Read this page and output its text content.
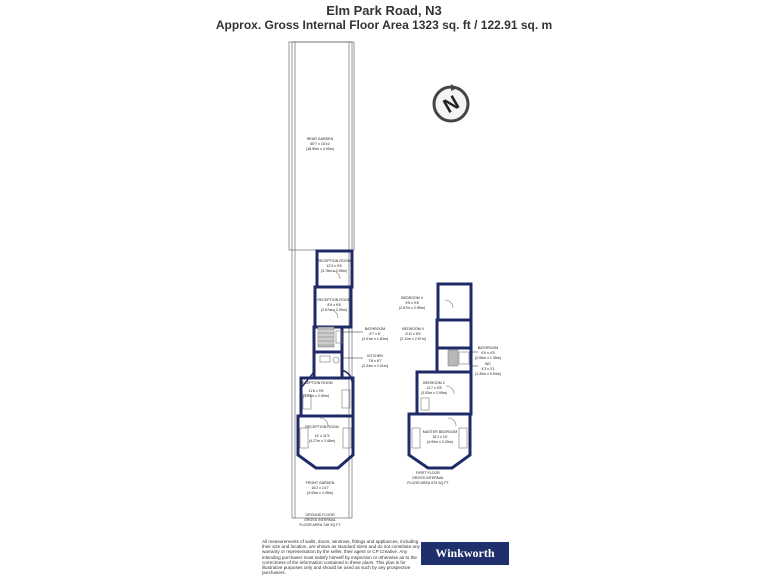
Elm Park Road, N3
Approx. Gross Internal Floor Area 1323 sq. ft / 122.91 sq. m
N
REAR GARDEN
60'7 x 16'10
(18.50m x 4.90m)
RECEPTION ROOM
12'4 x 9'8
(3.76m x 2.95m)
RECEPTION ROOM
8'9 x 9'6
(2.67m x 2.90m)
BATHROOM
6'7 x 6'
(2.01m x 1.83m)
KITCHEN
7'8 x 6'7
(2.34m x 2.01m)
RECEPTION ROOM
11'6 x 9'6
(3.51m x 2.90m)
RECEPTION ROOM
14' x 11'5
(4.27m x 3.48m)
FRONT GARDEN
16'2 x 14'7
(4.93m x 4.45m)
GROUND FLOOR
GROSS INTERNAL
FLOOR AREA 748 SQ FT
BEDROOM 4
9'5 x 9'8
(2.87m x 2.95m)
BEDROOM 4
6'11 x 8'5
(2.11m x 2.57m)
BATHROOM
6'9 x 4'5
(2.06m x 1.35m)
WC
4'3 x 3'1
(1.30m x 0.94m)
BEDROOM 2
11'7 x 9'8
(3.53m x 2.95m)
MASTER BEDROOM
16'1 x 10'
(4.90m x 3.05m)
FIRST FLOOR
GROSS INTERNAL
FLOOR AREA 575 SQ FT
All measurements of walls, doors, windows, fittings and appliances, including their size and location, are shown as standard sizes and do not constitute any warranty or representation by the seller, their agent or CP Creative. Any intending purchaser must satisfy himself by inspection or otherwise as to the correctness of the information contained in these plans. This plan is for illustrative purposes only and should be used as such by any prospective purchasers.
Winkworth
